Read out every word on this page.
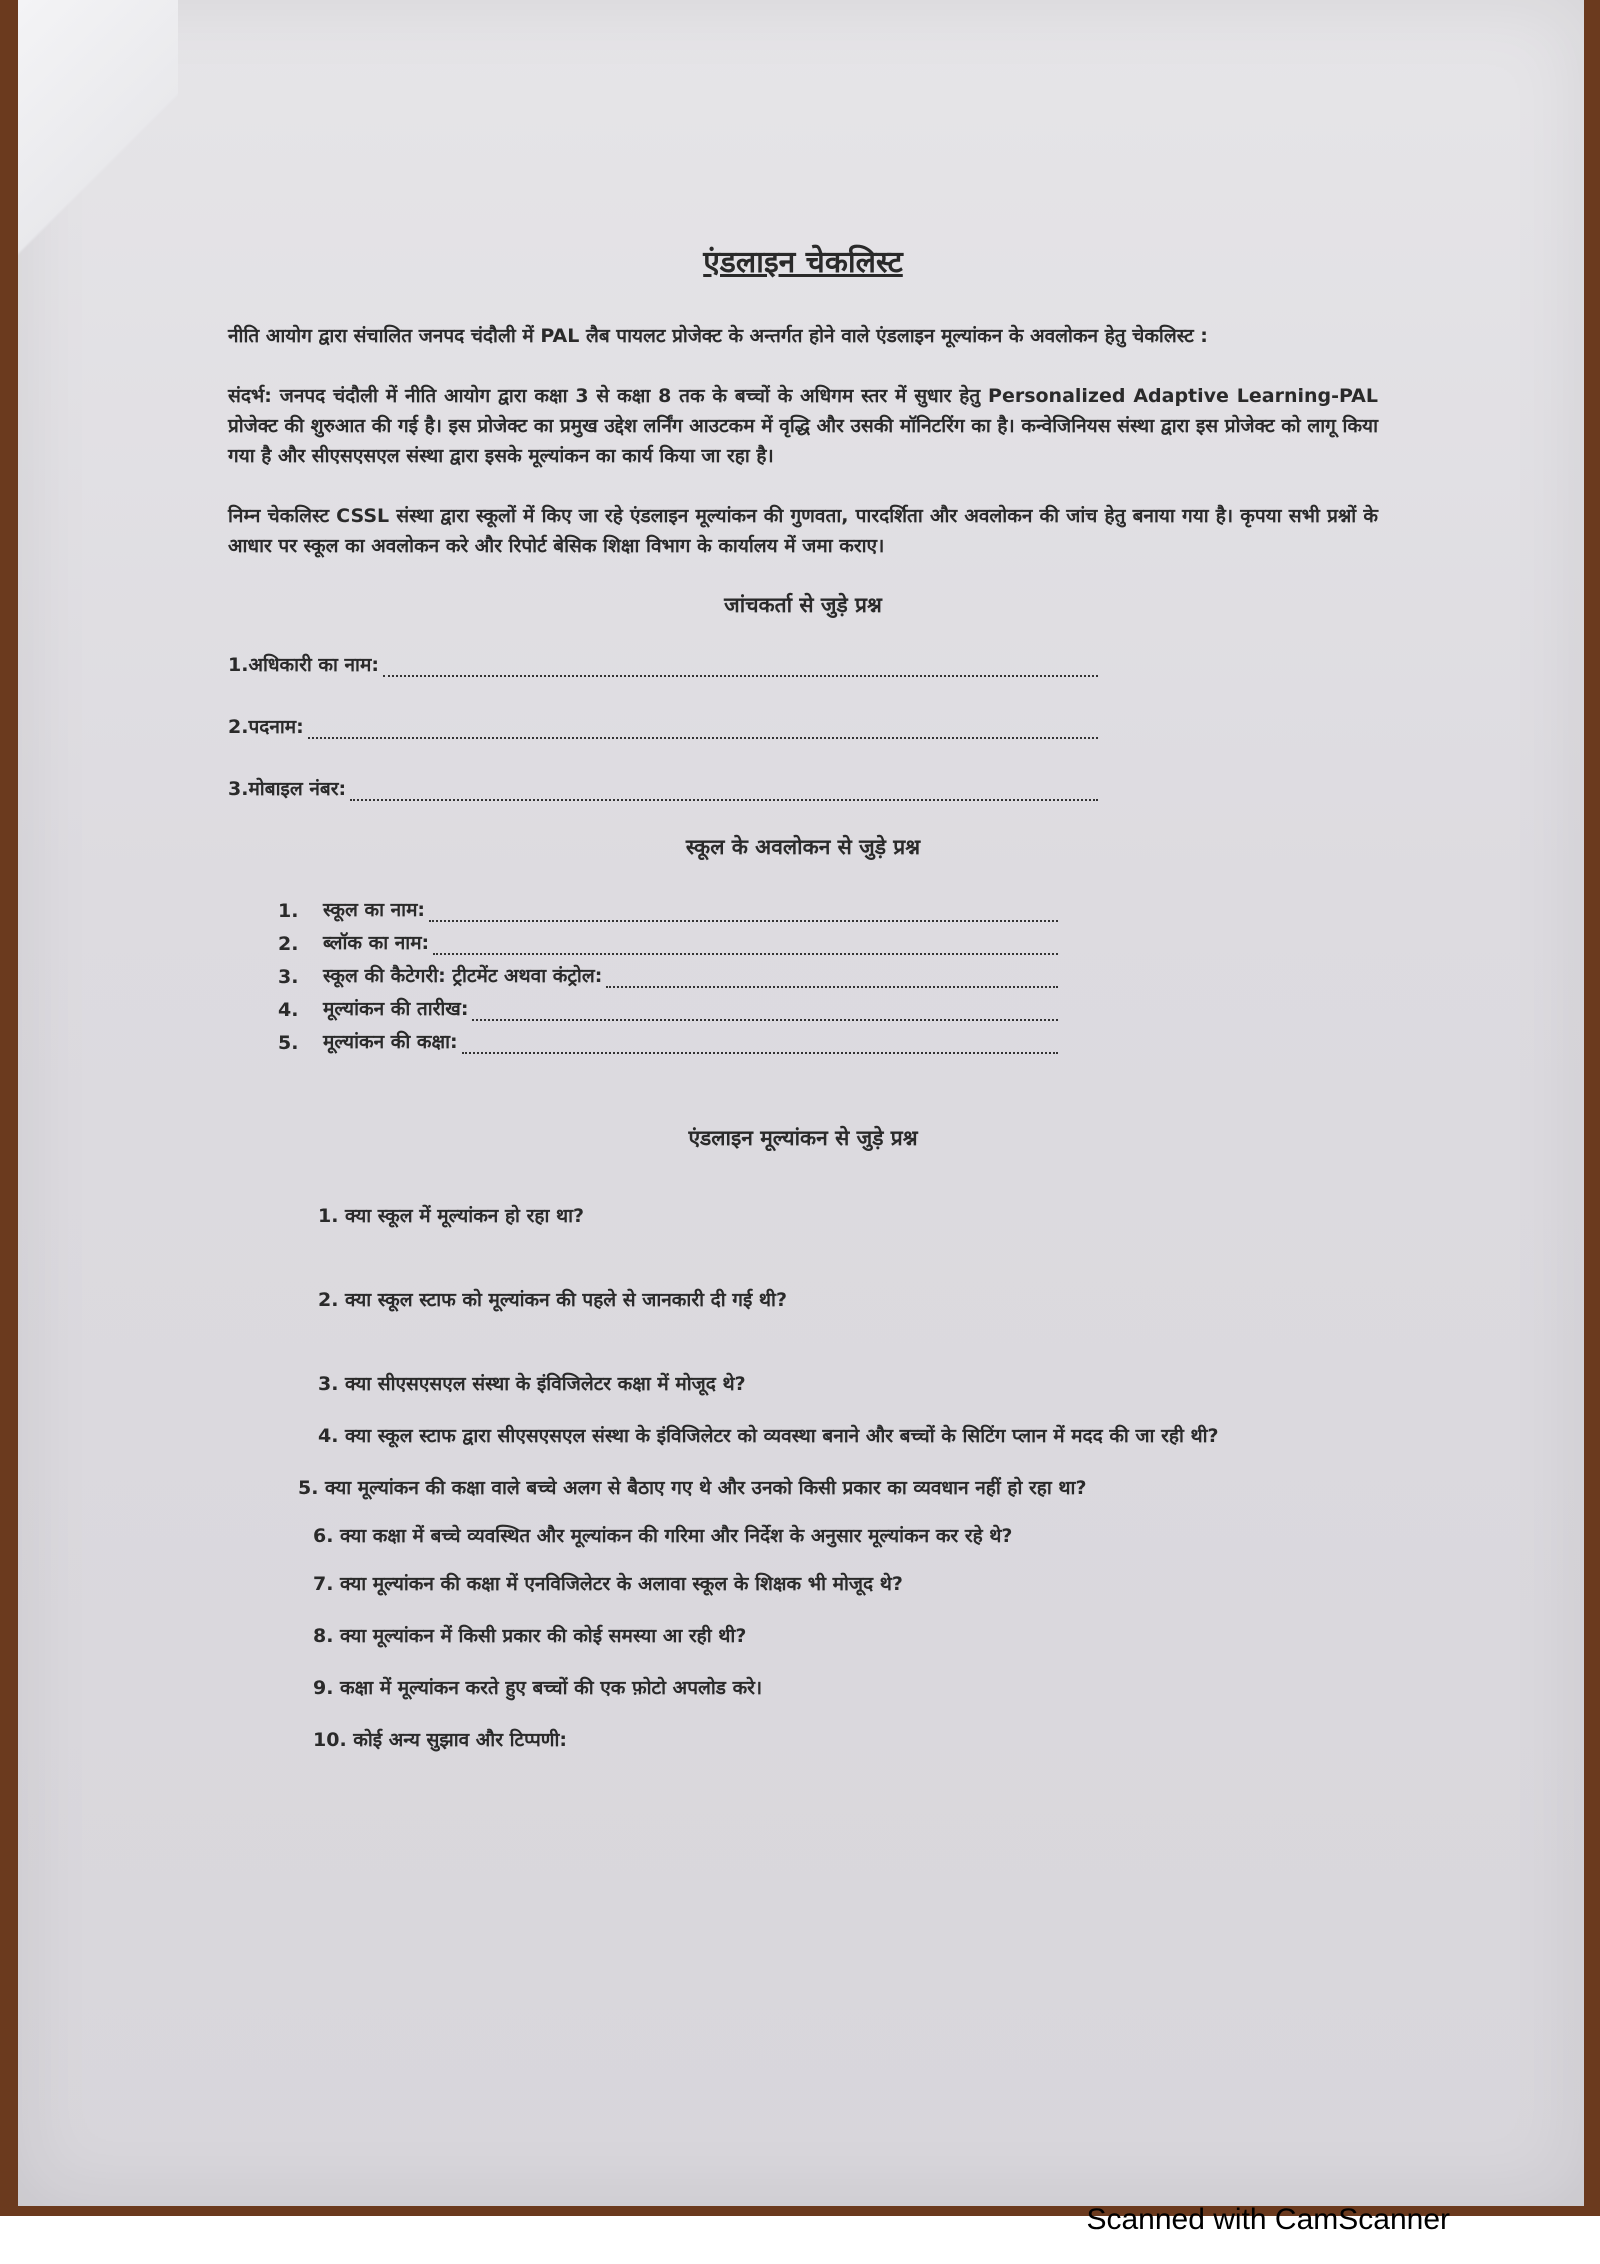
एंडलाइन चेकलिस्ट
नीति आयोग द्वारा संचालित जनपद चंदौली में PAL लैब पायलट प्रोजेक्ट के अन्तर्गत होने वाले एंडलाइन मूल्यांकन के अवलोकन हेतु चेकलिस्ट :
संदर्भ: जनपद चंदौली में नीति आयोग द्वारा कक्षा 3 से कक्षा 8 तक के बच्चों के अधिगम स्तर में सुधार हेतु Personalized Adaptive Learning-PAL प्रोजेक्ट की शुरुआत की गई है। इस प्रोजेक्ट का प्रमुख उद्देश लर्निंग आउटकम में वृद्धि और उसकी मॉनिटरिंग का है। कन्वेजिनियस संस्था द्वारा इस प्रोजेक्ट को लागू किया गया है और सीएसएसएल संस्था द्वारा इसके मूल्यांकन का कार्य किया जा रहा है।
निम्न चेकलिस्ट CSSL संस्था द्वारा स्कूलों में किए जा रहे एंडलाइन मूल्यांकन की गुणवता, पारदर्शिता और अवलोकन की जांच हेतु बनाया गया है। कृपया सभी प्रश्नों के आधार पर स्कूल का अवलोकन करे और रिपोर्ट बेसिक शिक्षा विभाग के कार्यालय में जमा कराए।
जांचकर्ता से जुड़े प्रश्न
1.अधिकारी का नाम:
2.पदनाम:
3.मोबाइल नंबर:
स्कूल के अवलोकन से जुड़े प्रश्न
1.	स्कूल का नाम:
2.	ब्लॉक का नाम:
3.	स्कूल की कैटेगरी: ट्रीटमेंट अथवा कंट्रोल:
4.	मूल्यांकन की तारीख:
5.	मूल्यांकन की कक्षा:
एंडलाइन मूल्यांकन से जुड़े प्रश्न
1. क्या स्कूल में मूल्यांकन हो रहा था?
2. क्या स्कूल स्टाफ को मूल्यांकन की पहले से जानकारी दी गई थी?
3. क्या सीएसएसएल संस्था के इंविजिलेटर कक्षा में मोजूद थे?
4. क्या स्कूल स्टाफ द्वारा सीएसएसएल संस्था के इंविजिलेटर को व्यवस्था बनाने और बच्चों के सिटिंग प्लान में मदद की जा रही थी?
5. क्या मूल्यांकन की कक्षा वाले बच्चे अलग से बैठाए गए थे और उनको किसी प्रकार का व्यवधान नहीं हो रहा था?
6. क्या कक्षा में बच्चे व्यवस्थित और मूल्यांकन की गरिमा और निर्देश के अनुसार मूल्यांकन कर रहे थे?
7. क्या मूल्यांकन की कक्षा में एनविजिलेटर के अलावा स्कूल के शिक्षक भी मोजूद थे?
8. क्या मूल्यांकन में किसी प्रकार की कोई समस्या आ रही थी?
9. कक्षा में मूल्यांकन करते हुए बच्चों की एक फ़ोटो अपलोड करे।
10. कोई अन्य सुझाव और टिप्पणी:
Scanned with CamScanner
